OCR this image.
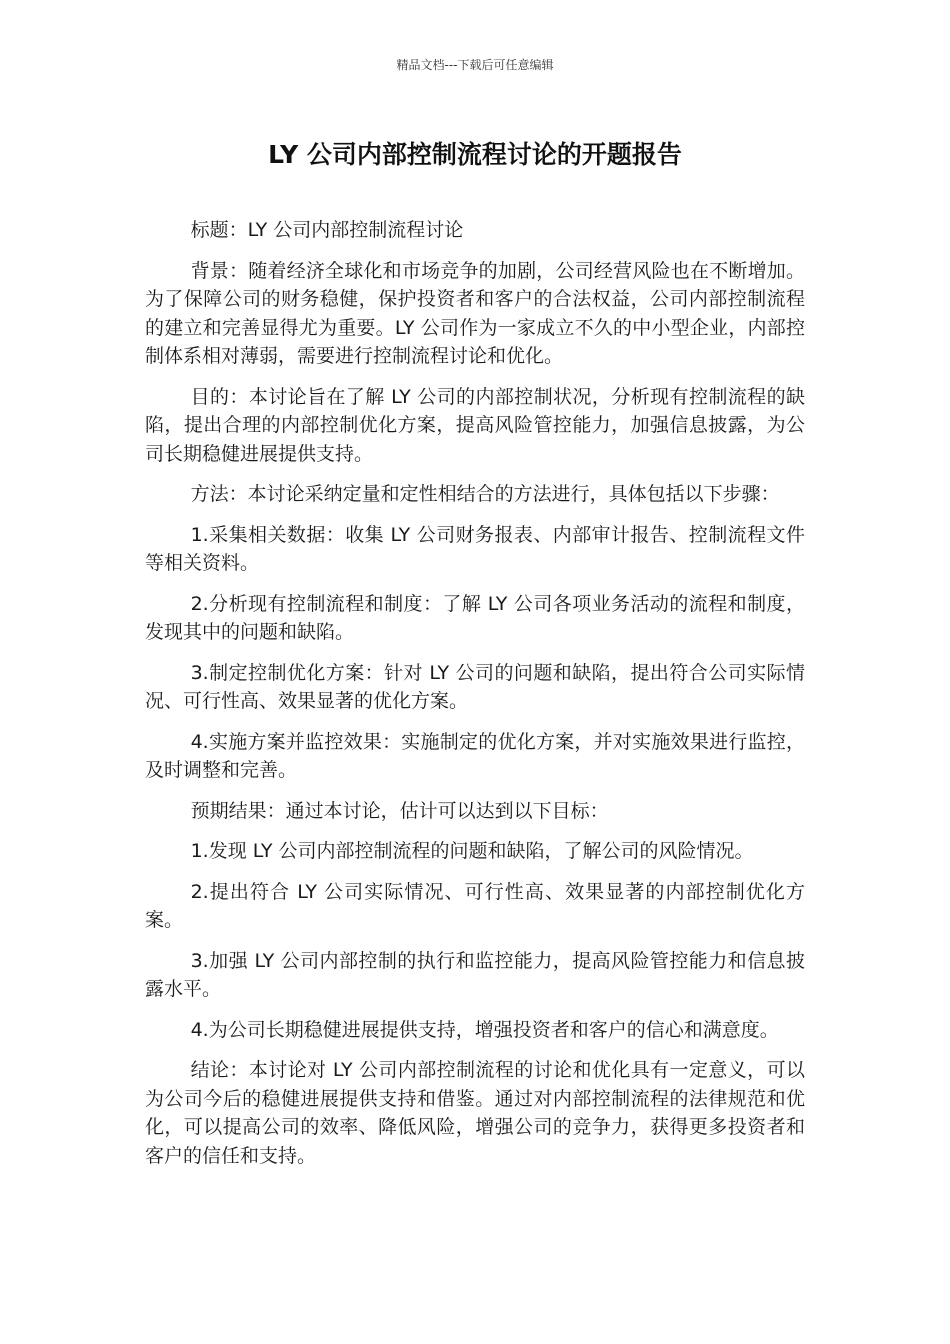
精品文档---下载后可任意编辑
LY 公司内部控制流程讨论的开题报告

标题：LY 公司内部控制流程讨论

背景：随着经济全球化和市场竞争的加剧，公司经营风险也在不断增加。为了保障公司的财务稳健，保护投资者和客户的合法权益，公司内部控制流程的建立和完善显得尤为重要。LY 公司作为一家成立不久的中小型企业，内部控制体系相对薄弱，需要进行控制流程讨论和优化。

目的：本讨论旨在了解 LY 公司的内部控制状况，分析现有控制流程的缺陷，提出合理的内部控制优化方案，提高风险管控能力，加强信息披露，为公司长期稳健进展提供支持。

方法：本讨论采纳定量和定性相结合的方法进行，具体包括以下步骤：

1.采集相关数据：收集 LY 公司财务报表、内部审计报告、控制流程文件等相关资料。

2.分析现有控制流程和制度：了解 LY 公司各项业务活动的流程和制度，发现其中的问题和缺陷。

3.制定控制优化方案：针对 LY 公司的问题和缺陷，提出符合公司实际情况、可行性高、效果显著的优化方案。

4.实施方案并监控效果：实施制定的优化方案，并对实施效果进行监控，及时调整和完善。

预期结果：通过本讨论，估计可以达到以下目标：

1.发现 LY 公司内部控制流程的问题和缺陷，了解公司的风险情况。

2.提出符合 LY 公司实际情况、可行性高、效果显著的内部控制优化方案。

3.加强 LY 公司内部控制的执行和监控能力，提高风险管控能力和信息披露水平。

4.为公司长期稳健进展提供支持，增强投资者和客户的信心和满意度。

结论：本讨论对 LY 公司内部控制流程的讨论和优化具有一定意义，可以为公司今后的稳健进展提供支持和借鉴。通过对内部控制流程的法律规范和优化，可以提高公司的效率、降低风险，增强公司的竞争力，获得更多投资者和客户的信任和支持。
